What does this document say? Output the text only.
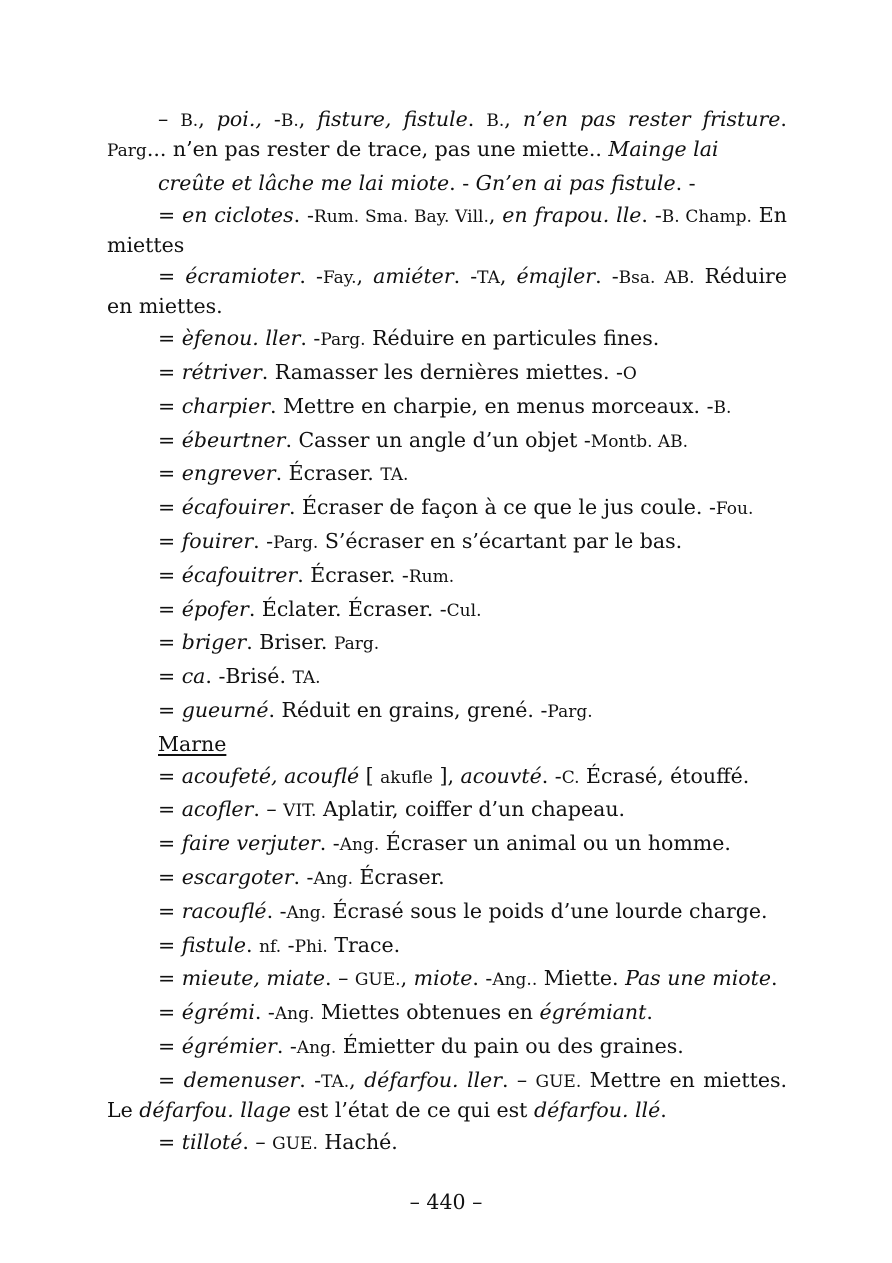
– B., poi., -B., fisture, fistule. B., n’en pas rester fristure. Parg... n’en pas rester de trace, pas une miette.. Mainge lai
creûte et lâche me lai miote. - Gn’en ai pas fistule. -
= en ciclotes. -Rum. Sma. Bay. Vill., en frapou. lle. -B. Champ. En miettes
= écramioter. -Fay., amiéter. -TA, émajler. -Bsa. AB. Réduire en miettes.
= èfenou. ller. -Parg. Réduire en particules fines.
= rétriver. Ramasser les dernières miettes. -O
= charpier. Mettre en charpie, en menus morceaux. -B.
= ébeurtner. Casser un angle d’un objet -Montb. AB.
= engrever. Écraser. TA.
= écafouirer. Écraser de façon à ce que le jus coule. -Fou.
= fouirer. -Parg. S’écraser en s’écartant par le bas.
= écafouitrer. Écraser. -Rum.
= épofer. Éclater. Écraser. -Cul.
= briger. Briser. Parg.
= ca. -Brisé. TA.
= gueurné. Réduit en grains, grené. -Parg.
Marne
= acoufeté, acouflé [ akufle ], acouvté. -C. Écrasé, étouffé.
= acofler. – VIT. Aplatir, coiffer d’un chapeau.
= faire verjuter. -Ang. Écraser un animal ou un homme.
= escargoter. -Ang. Écraser.
= racouflé. -Ang. Écrasé sous le poids d’une lourde charge.
= fistule. nf. -Phi. Trace.
= mieute, miate. – GUE., miote. -Ang.. Miette. Pas une miote.
= égrémi. -Ang. Miettes obtenues en égrémiant.
= égrémier. -Ang. Émietter du pain ou des graines.
= demenuser. -TA., défarfou. ller. – GUE. Mettre en miettes. Le défarfou. llage est l’état de ce qui est défarfou. llé.
= tilloté. – GUE. Haché.
– 440 –
